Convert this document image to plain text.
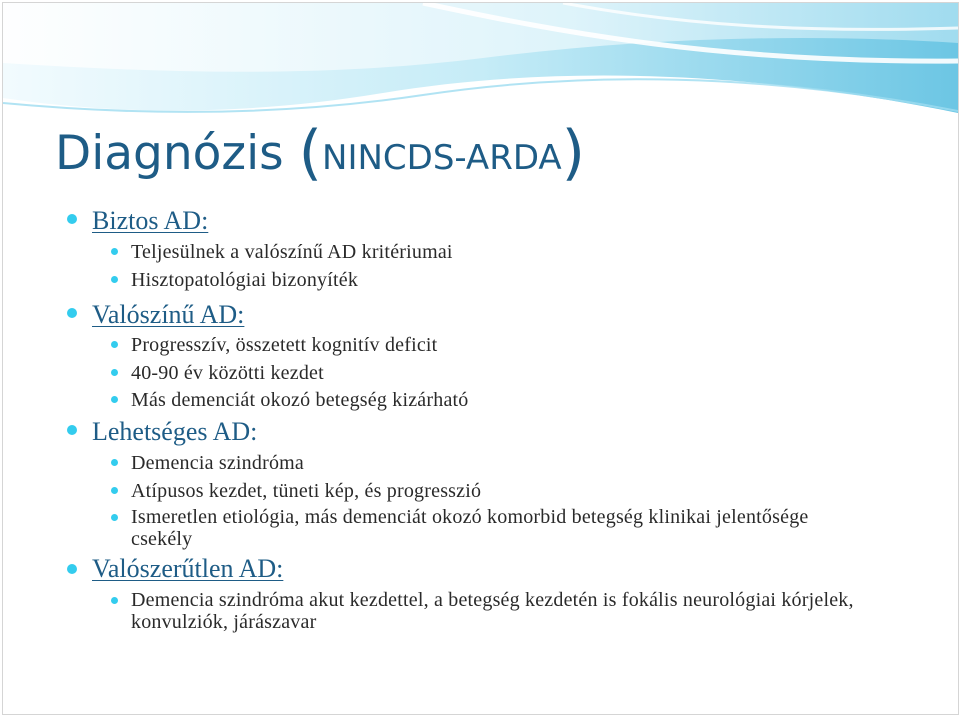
Diagnózis (NINCDS-ARDA)
Biztos AD:
Teljesülnek a valószínű AD kritériumai
Hisztopatológiai bizonyíték
Valószínű AD:
Progresszív, összetett kognitív deficit
40-90 év közötti kezdet
Más demenciát okozó betegség kizárható
Lehetséges AD:
Demencia szindróma
Atípusos kezdet, tüneti kép, és progresszió
Ismeretlen etiológia, más demenciát okozó komorbid betegség klinikai jelentősége csekély
Valószerűtlen AD:
Demencia szindróma akut kezdettel, a betegség kezdetén is fokális neurológiai kórjelek, konvulziók, járászavar
